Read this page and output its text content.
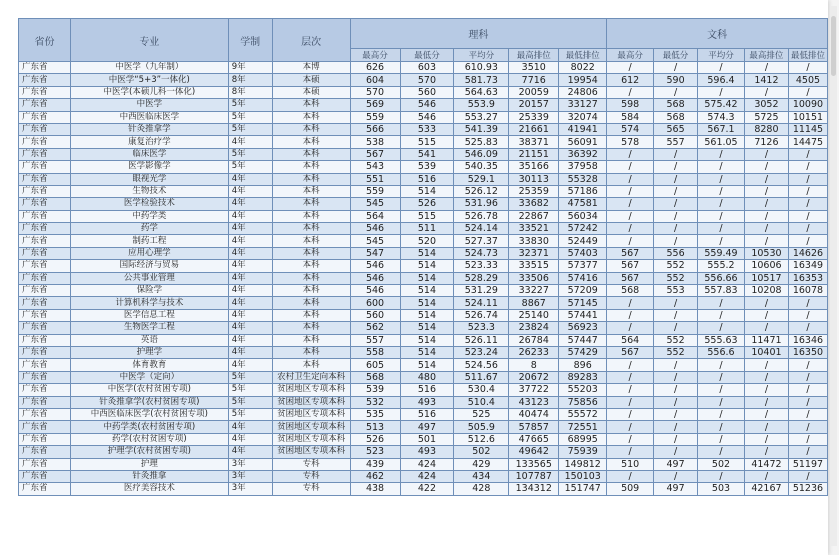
省份	专业	学制	层次	理科					文科				
				最高分	最低分	平均分	最高排位	最低排位	最高分	最低分	平均分	最高排位	最低排位
广东省	中医学（九年制）	9年	本博	626	603	610.93	3510	8022	/	/	/	/	/
广东省	中医学“5+3”一体化)	8年	本硕	604	570	581.73	7716	19954	612	590	596.4	1412	4505
广东省	中医学(本硕儿科一体化)	8年	本硕	570	560	564.63	20059	24806	/	/	/	/	/
广东省	中医学	5年	本科	569	546	553.9	20157	33127	598	568	575.42	3052	10090
广东省	中西医临床医学	5年	本科	559	546	553.27	25339	32074	584	568	574.3	5725	10151
广东省	针灸推拿学	5年	本科	566	533	541.39	21661	41941	574	565	567.1	8280	11145
广东省	康复治疗学	4年	本科	538	515	525.83	38371	56091	578	557	561.05	7126	14475
广东省	临床医学	5年	本科	567	541	546.09	21151	36392	/	/	/	/	/
广东省	医学影像学	5年	本科	543	539	540.35	35166	37958	/	/	/	/	/
广东省	眼视光学	4年	本科	551	516	529.1	30113	55328	/	/	/	/	/
广东省	生物技术	4年	本科	559	514	526.12	25359	57186	/	/	/	/	/
广东省	医学检验技术	4年	本科	545	526	531.96	33682	47581	/	/	/	/	/
广东省	中药学类	4年	本科	564	515	526.78	22867	56034	/	/	/	/	/
广东省	药学	4年	本科	546	511	524.14	33521	57242	/	/	/	/	/
广东省	制药工程	4年	本科	545	520	527.37	33830	52449	/	/	/	/	/
广东省	应用心理学	4年	本科	547	514	524.73	32371	57403	567	556	559.49	10530	14626
广东省	国际经济与贸易	4年	本科	546	514	523.33	33515	57377	567	552	555.2	10606	16349
广东省	公共事业管理	4年	本科	546	514	528.29	33506	57416	567	552	556.66	10517	16353
广东省	保险学	4年	本科	546	514	531.29	33227	57209	568	553	557.83	10208	16078
广东省	计算机科学与技术	4年	本科	600	514	524.11	8867	57145	/	/	/	/	/
广东省	医学信息工程	4年	本科	560	514	526.74	25140	57441	/	/	/	/	/
广东省	生物医学工程	4年	本科	562	514	523.3	23824	56923	/	/	/	/	/
广东省	英语	4年	本科	557	514	526.11	26784	57447	564	552	555.63	11471	16346
广东省	护理学	4年	本科	558	514	523.24	26233	57429	567	552	556.6	10401	16350
广东省	体育教育	4年	本科	605	514	524.56	8	896	/	/	/	/	/
广东省	中医学（定向）	5年	农村卫生定向本科	568	480	511.67	20672	89283	/	/	/	/	/
广东省	中医学(农村贫困专项)	5年	贫困地区专项本科	539	516	530.4	37722	55203	/	/	/	/	/
广东省	针灸推拿学(农村贫困专项)	5年	贫困地区专项本科	532	493	510.4	43123	75856	/	/	/	/	/
广东省	中西医临床医学(农村贫困专项)	5年	贫困地区专项本科	535	516	525	40474	55572	/	/	/	/	/
广东省	中药学类(农村贫困专项)	4年	贫困地区专项本科	513	497	505.9	57857	72551	/	/	/	/	/
广东省	药学(农村贫困专项)	4年	贫困地区专项本科	526	501	512.6	47665	68995	/	/	/	/	/
广东省	护理学(农村贫困专项)	4年	贫困地区专项本科	523	493	502	49642	75939	/	/	/	/	/
广东省	护理	3年	专科	439	424	429	133565	149812	510	497	502	41472	51197
广东省	针灸推拿	3年	专科	462	424	434	107787	150103	/	/	/	/	/
广东省	医疗美容技术	3年	专科	438	422	428	134312	151747	509	497	503	42167	51236
